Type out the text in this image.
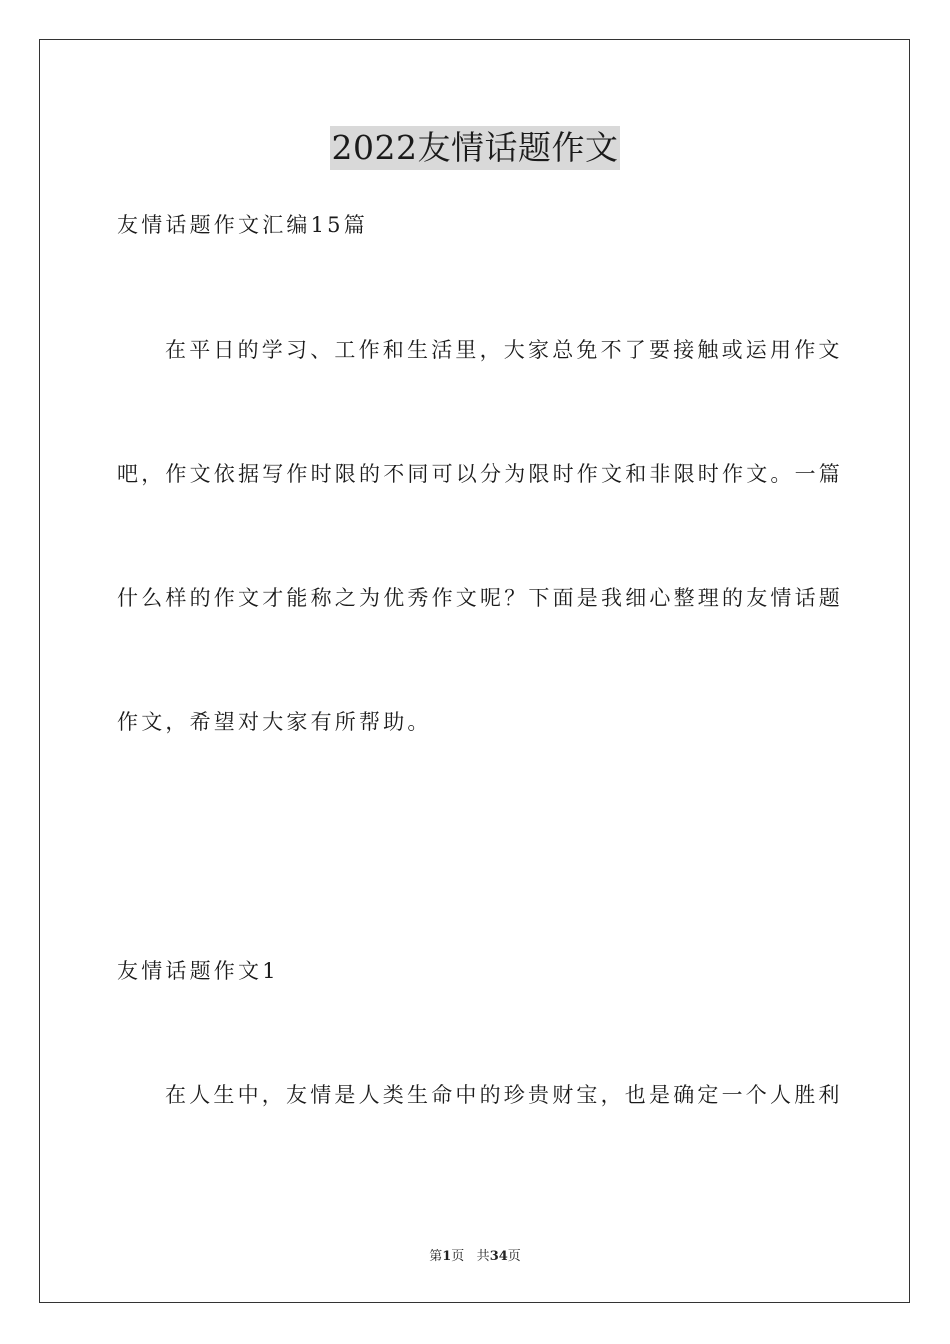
2022友情话题作文
友情话题作文汇编15篇
在平日的学习、工作和生活里，大家总免不了要接触或运用作文
吧，作文依据写作时限的不同可以分为限时作文和非限时作文。一篇
什么样的作文才能称之为优秀作文呢？下面是我细心整理的友情话题
作文，希望对大家有所帮助。
友情话题作文1
在人生中，友情是人类生命中的珍贵财宝，也是确定一个人胜利
第1页 共34页
